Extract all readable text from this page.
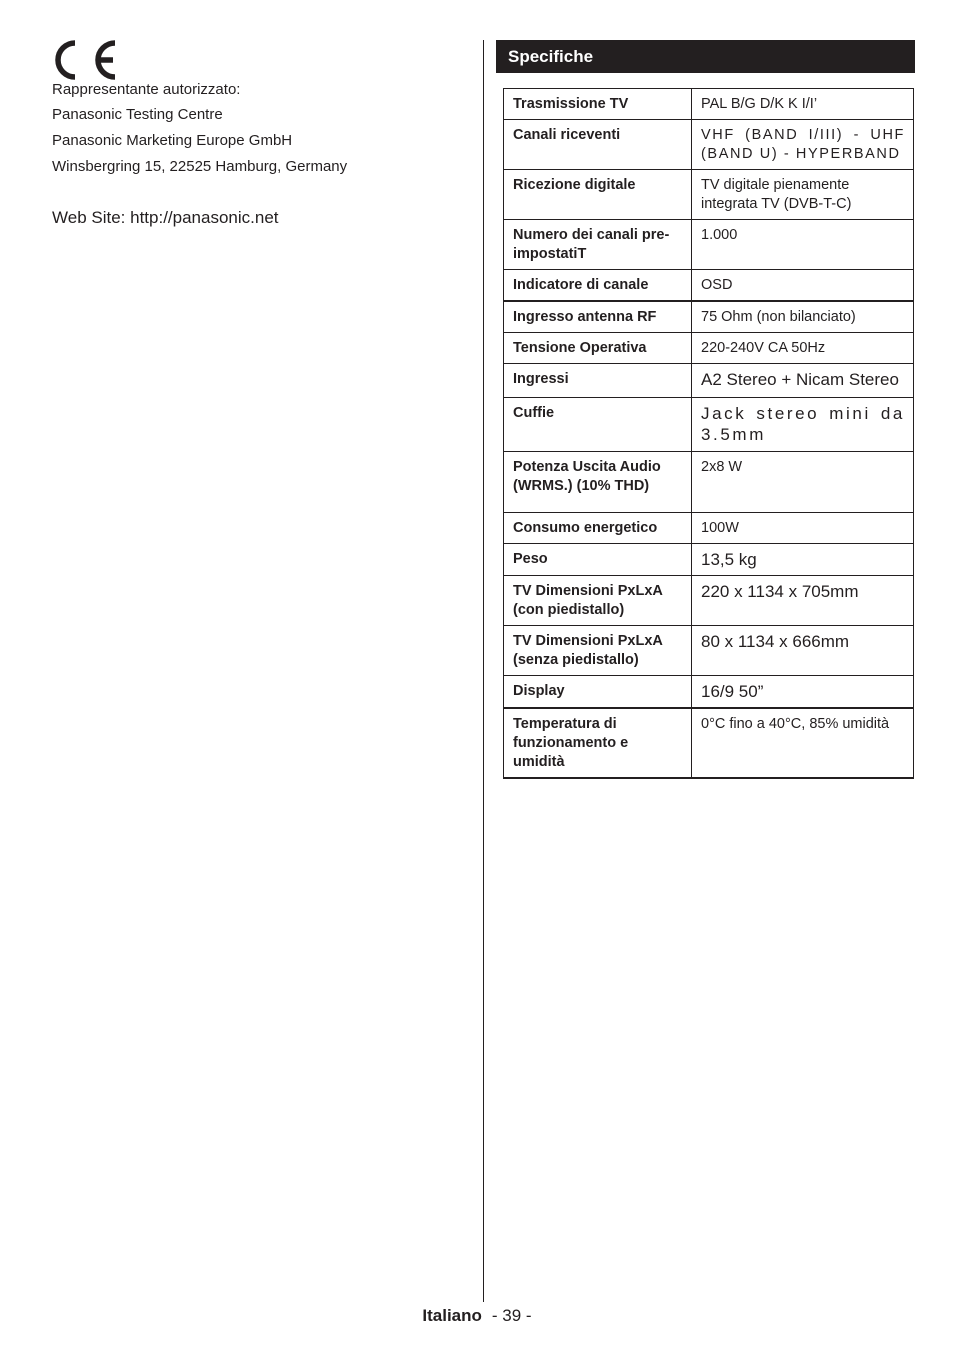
Rappresentante autorizzato:
Panasonic Testing Centre
Panasonic Marketing Europe GmbH
Winsbergring 15, 22525 Hamburg, Germany
Web Site: http://panasonic.net
Specifiche
Trasmissione TV	PAL B/G D/K K I/I’
Canali riceventi	VHF (BAND I/III) - UHF (BAND U) - HYPERBAND
Ricezione digitale	TV digitale pienamente integrata TV (DVB-T-C)
Numero dei canali pre-impostatiT	1.000
Indicatore di canale	OSD
Ingresso antenna RF	75 Ohm (non bilanciato)
Tensione Operativa	220-240V CA 50Hz
Ingressi	A2 Stereo + Nicam Stereo
Cuffie	Jack stereo mini da 3.5mm
Potenza Uscita Audio (WRMS.) (10% THD)	2x8 W
Consumo energetico	100W
Peso	13,5 kg
TV Dimensioni PxLxA (con piedistallo)	220 x 1134 x 705mm
TV Dimensioni PxLxA (senza piedistallo)	80 x 1134 x 666mm
Display	16/9 50”
Temperatura di funzionamento e umidità	0°C fino a 40°C, 85% umidità
Italiano - 39 -
